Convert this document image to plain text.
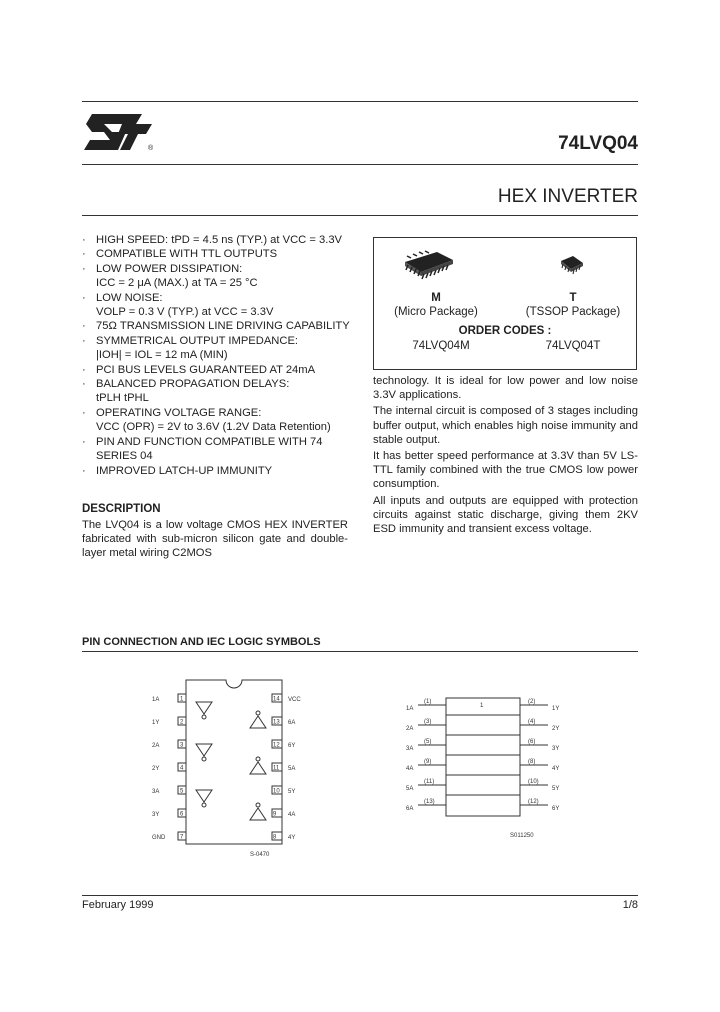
®	74LVQ04
HEX INVERTER
· HIGH SPEED: tPD = 4.5 ns (TYP.) at VCC = 3.3V
· COMPATIBLE WITH TTL OUTPUTS
· LOW POWER DISSIPATION:
ICC = 2 μA (MAX.) at TA = 25 °C
· LOW NOISE:
VOLP = 0.3 V (TYP.) at VCC = 3.3V
· 75Ω TRANSMISSION LINE DRIVING CAPABILITY
· SYMMETRICAL OUTPUT IMPEDANCE:
|IOH| = IOL = 12 mA (MIN)
· PCI BUS LEVELS GUARANTEED AT 24mA
· BALANCED PROPAGATION DELAYS:
tPLH tPHL
· OPERATING VOLTAGE RANGE:
VCC (OPR) = 2V to 3.6V (1.2V Data Retention)
· PIN AND FUNCTION COMPATIBLE WITH 74 SERIES 04
· IMPROVED LATCH-UP IMMUNITY
DESCRIPTION
The LVQ04 is a low voltage CMOS HEX INVERTER fabricated with sub-micron silicon gate and double-layer metal wiring C2MOS
M
(Micro Package)
T
(TSSOP Package)
ORDER CODES :
74LVQ04M	74LVQ04T

technology. It is ideal for low power and low noise 3.3V applications.

The internal circuit is composed of 3 stages including buffer output, which enables high noise immunity and stable output.

It has better speed performance at 3.3V than 5V LS-TTL family combined with the true CMOS low power consumption.

All inputs and outputs are equipped with protection circuits against static discharge, giving them 2KV ESD immunity and transient excess voltage.

PIN CONNECTION AND IEC LOGIC SYMBOLS
1A	1
1Y	2
2A	3
2Y	4
3A	5
3Y	6
GND 7
14 VCC
13 6A
12 6Y
11 5A
10 5Y
9 4A
8 4Y
S-0470
1A
(1)	(2)
1Y
2A
(3)	(4)
2Y
3A
(5)	(6)
3Y
4A
(9)	(8)
4Y
5A
(11)	(10)
5Y
6A
(13)	(12)
6Y
1
S011250
February 1999	1/8
